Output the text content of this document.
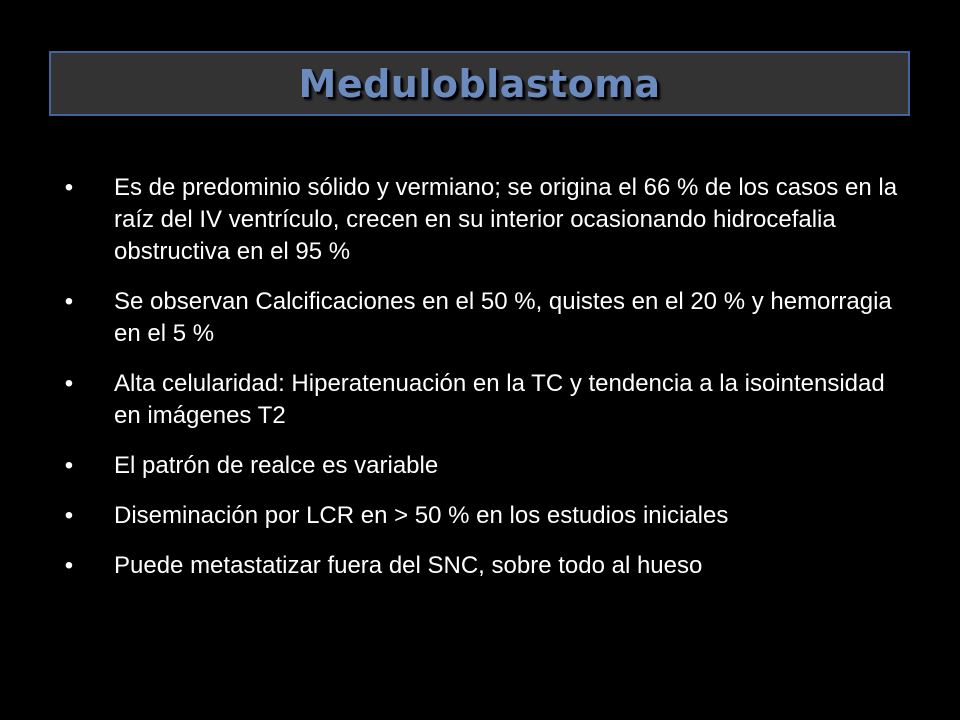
Meduloblastoma
• Es de predominio sólido y vermiano; se origina el 66 % de los casos en la raíz del IV ventrículo, crecen en su interior ocasionando hidrocefalia obstructiva en el 95 %
• Se observan Calcificaciones en el 50 %, quistes en el 20 % y hemorragia en el 5 %
• Alta celularidad: Hiperatenuación en la TC y tendencia a la isointensidad en imágenes T2
• El patrón de realce es variable
• Diseminación por LCR en > 50 % en los estudios iniciales
• Puede metastatizar fuera del SNC, sobre todo al hueso
